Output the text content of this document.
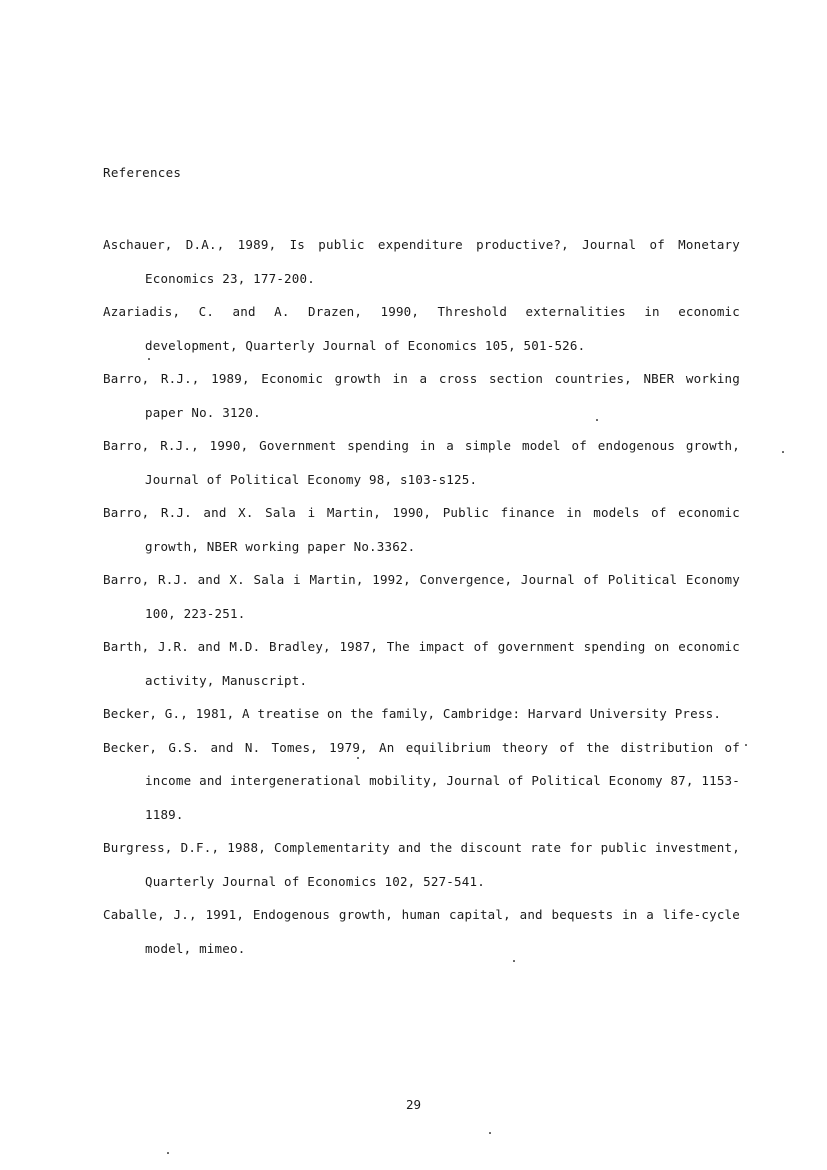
References
Aschauer, D.A., 1989, Is public expenditure productive?, Journal of Monetary Economics 23, 177-200.
Azariadis, C. and A. Drazen, 1990, Threshold externalities in economic development, Quarterly Journal of Economics 105, 501-526.
Barro, R.J., 1989, Economic growth in a cross section countries, NBER working paper No. 3120.
Barro, R.J., 1990, Government spending in a simple model of endogenous growth, Journal of Political Economy 98, s103-s125.
Barro, R.J. and X. Sala i Martin, 1990, Public finance in models of economic growth, NBER working paper No.3362.
Barro, R.J. and X. Sala i Martin, 1992, Convergence, Journal of Political Economy 100, 223-251.
Barth, J.R. and M.D. Bradley, 1987, The impact of government spending on economic activity, Manuscript.
Becker, G., 1981, A treatise on the family, Cambridge: Harvard University Press.
Becker, G.S. and N. Tomes, 1979, An equilibrium theory of the distribution of income and intergenerational mobility, Journal of Political Economy 87, 1153-1189.
Burgress, D.F., 1988, Complementarity and the discount rate for public investment, Quarterly Journal of Economics 102, 527-541.
Caballe, J., 1991, Endogenous growth, human capital, and bequests in a life-cycle model, mimeo.
29
